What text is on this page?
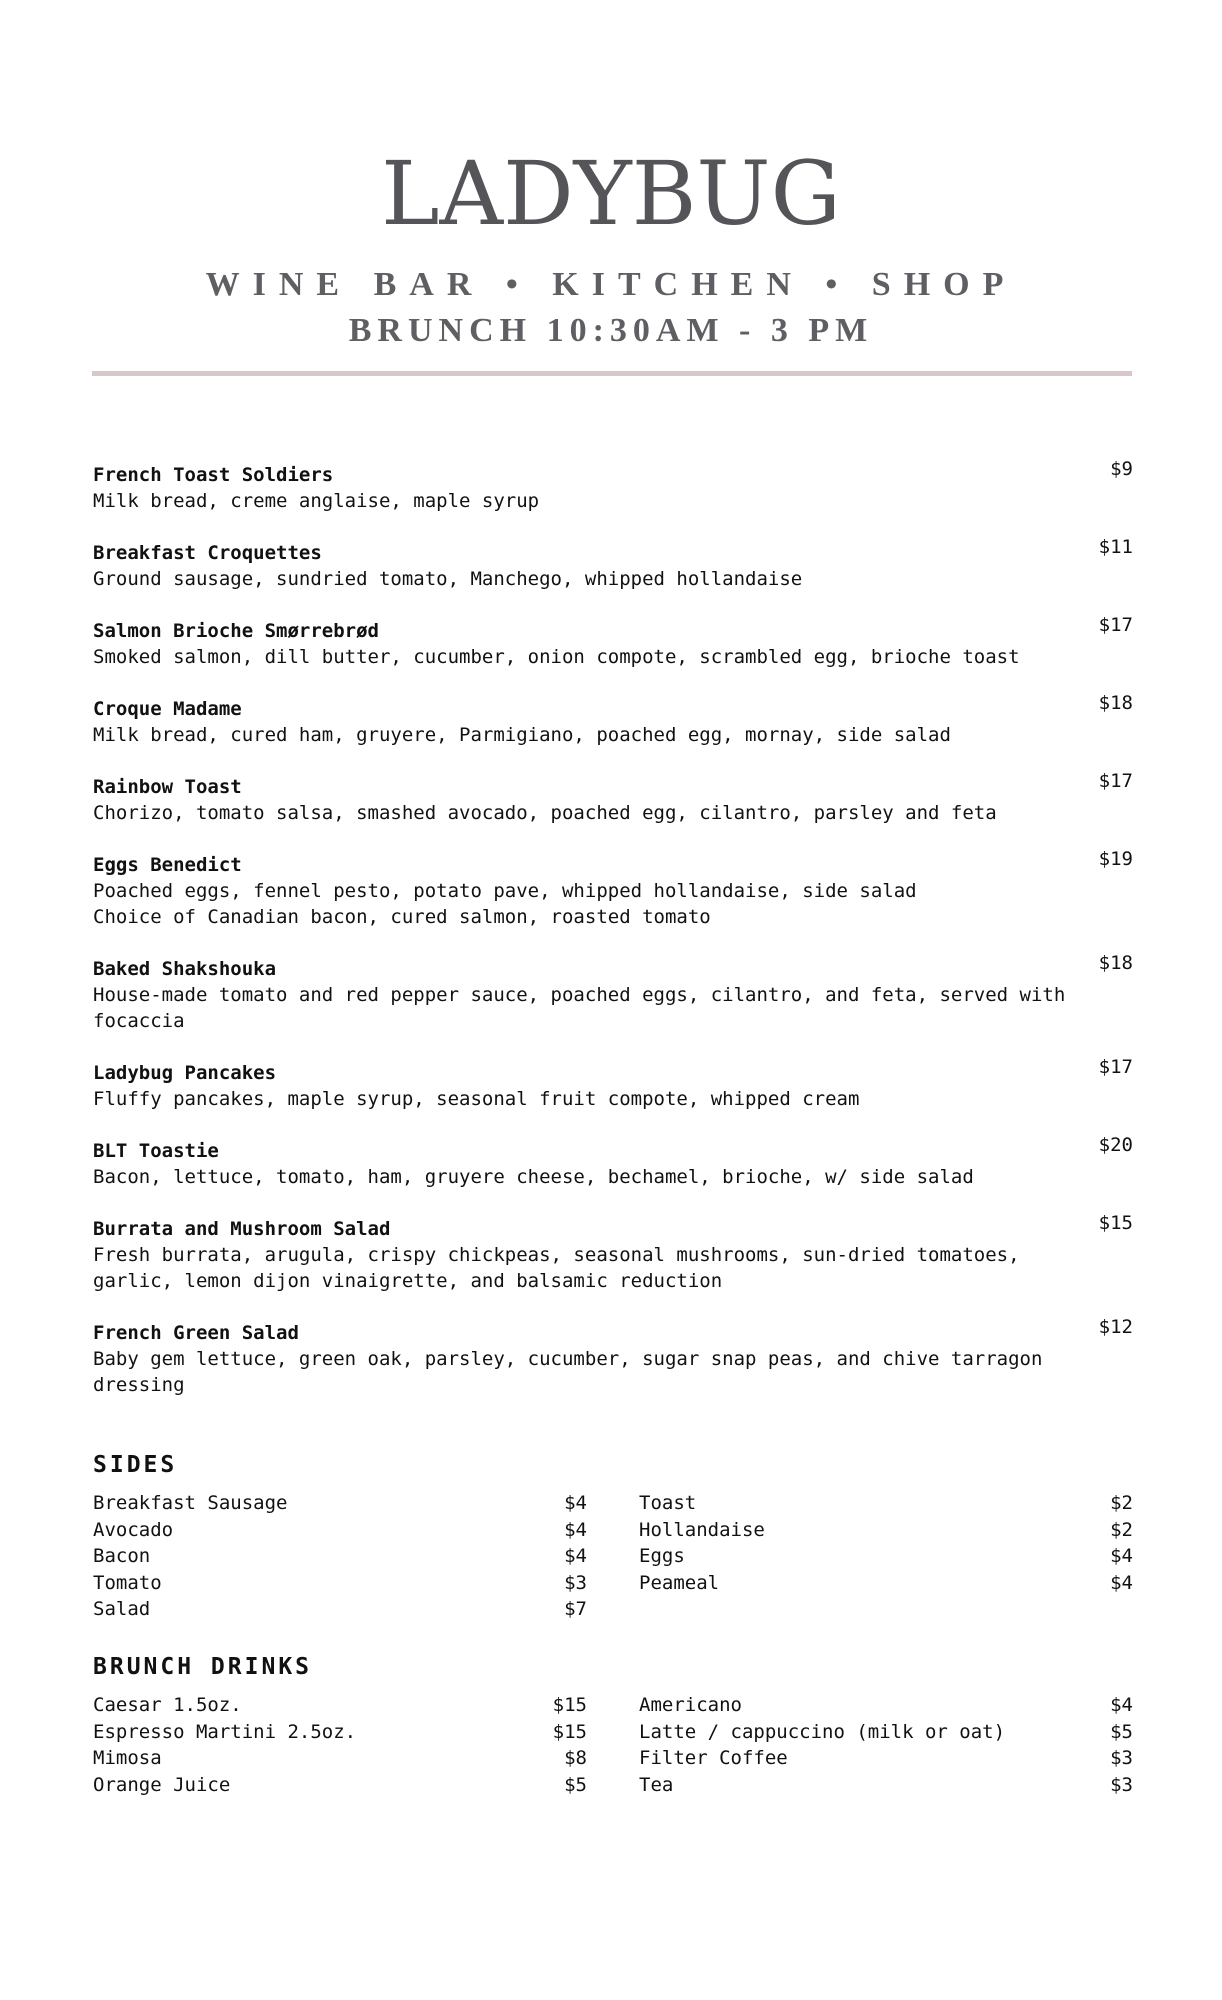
LADYBUG
WINE BAR • KITCHEN • SHOP
BRUNCH 10:30AM - 3 PM
French Toast Soldiers
Milk bread, creme anglaise, maple syrup
$9
Breakfast Croquettes
Ground sausage, sundried tomato, Manchego, whipped hollandaise
$11
Salmon Brioche Smørrebrød
Smoked salmon, dill butter, cucumber, onion compote, scrambled egg, brioche toast
$17
Croque Madame
Milk bread, cured ham, gruyere, Parmigiano, poached egg, mornay, side salad
$18
Rainbow Toast
Chorizo, tomato salsa, smashed avocado, poached egg, cilantro, parsley and feta
$17
Eggs Benedict
Poached eggs, fennel pesto, potato pave, whipped hollandaise, side salad
Choice of Canadian bacon, cured salmon, roasted tomato
$19
Baked Shakshouka
House-made tomato and red pepper sauce, poached eggs, cilantro, and feta, served with focaccia
$18
Ladybug Pancakes
Fluffy pancakes, maple syrup, seasonal fruit compote, whipped cream
$17
BLT Toastie
Bacon, lettuce, tomato, ham, gruyere cheese, bechamel, brioche, w/ side salad
$20
Burrata and Mushroom Salad
Fresh burrata, arugula, crispy chickpeas, seasonal mushrooms, sun-dried tomatoes, garlic, lemon dijon vinaigrette, and balsamic reduction
$15
French Green Salad
Baby gem lettuce, green oak, parsley, cucumber, sugar snap peas, and chive tarragon dressing
$12
SIDES
Breakfast Sausage	$4
Avocado	$4
Bacon	$4
Tomato	$3
Salad	$7
Toast	$2
Hollandaise	$2
Eggs	$4
Peameal	$4
BRUNCH DRINKS
Caesar 1.5oz.	$15
Espresso Martini 2.5oz.	$15
Mimosa	$8
Orange Juice	$5
Americano	$4
Latte / cappuccino (milk or oat)	$5
Filter Coffee	$3
Tea	$3
